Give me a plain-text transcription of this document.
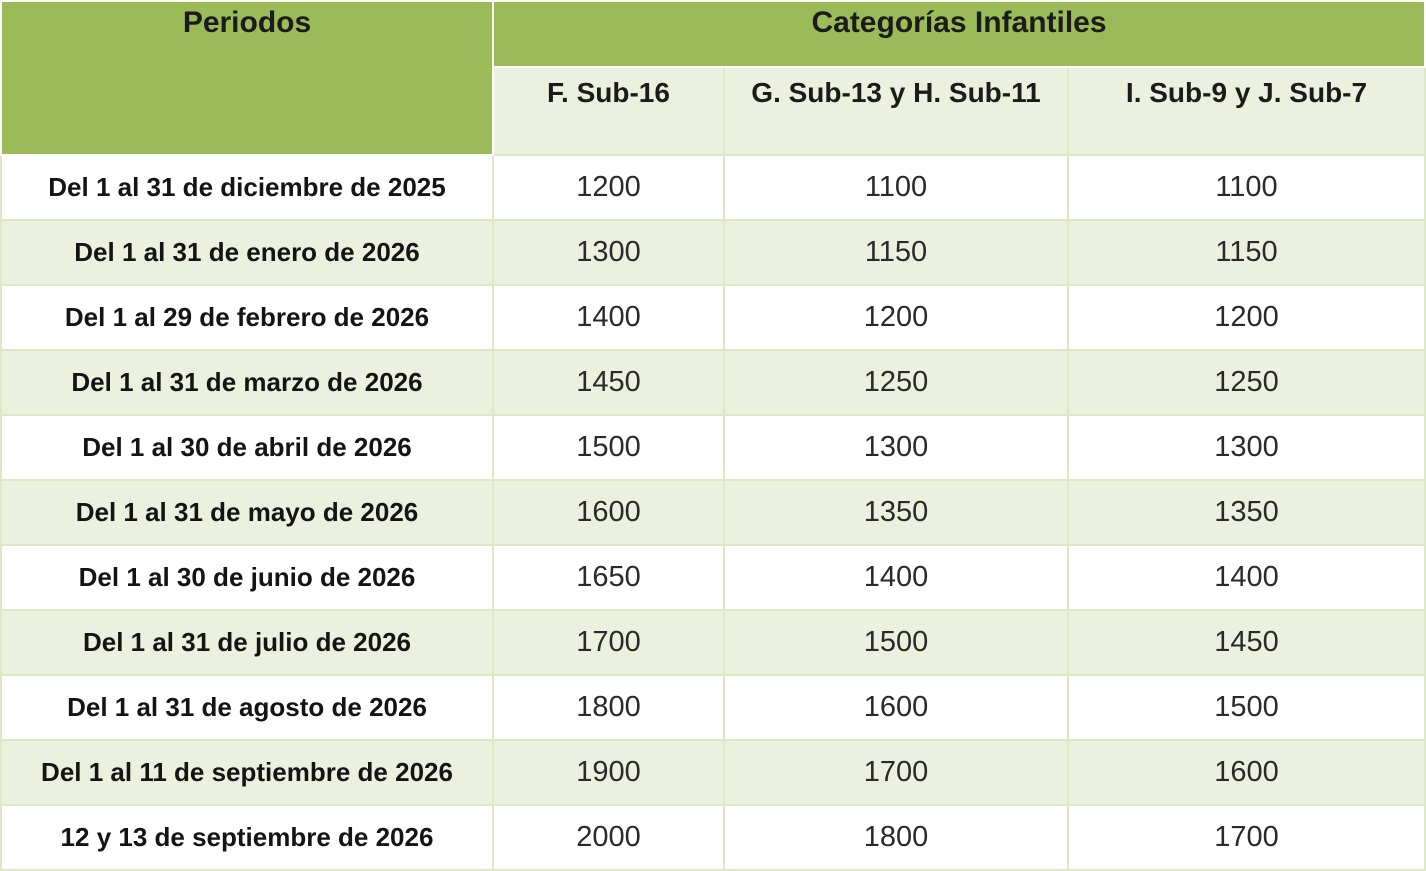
Periodos	Categorías Infantiles		
	F. Sub-16	G. Sub-13 y H. Sub-11	I. Sub-9 y J. Sub-7
Del 1 al 31 de diciembre de 2025	1200	1100	1100
Del 1 al 31 de enero de 2026	1300	1150	1150
Del 1 al 29 de febrero de 2026	1400	1200	1200
Del 1 al 31 de marzo de 2026	1450	1250	1250
Del 1 al 30 de abril de 2026	1500	1300	1300
Del 1 al 31 de mayo de 2026	1600	1350	1350
Del 1 al 30 de junio de 2026	1650	1400	1400
Del 1 al 31 de julio de 2026	1700	1500	1450
Del 1 al 31 de agosto de 2026	1800	1600	1500
Del 1 al 11 de septiembre de 2026	1900	1700	1600
12 y 13 de septiembre de 2026	2000	1800	1700
